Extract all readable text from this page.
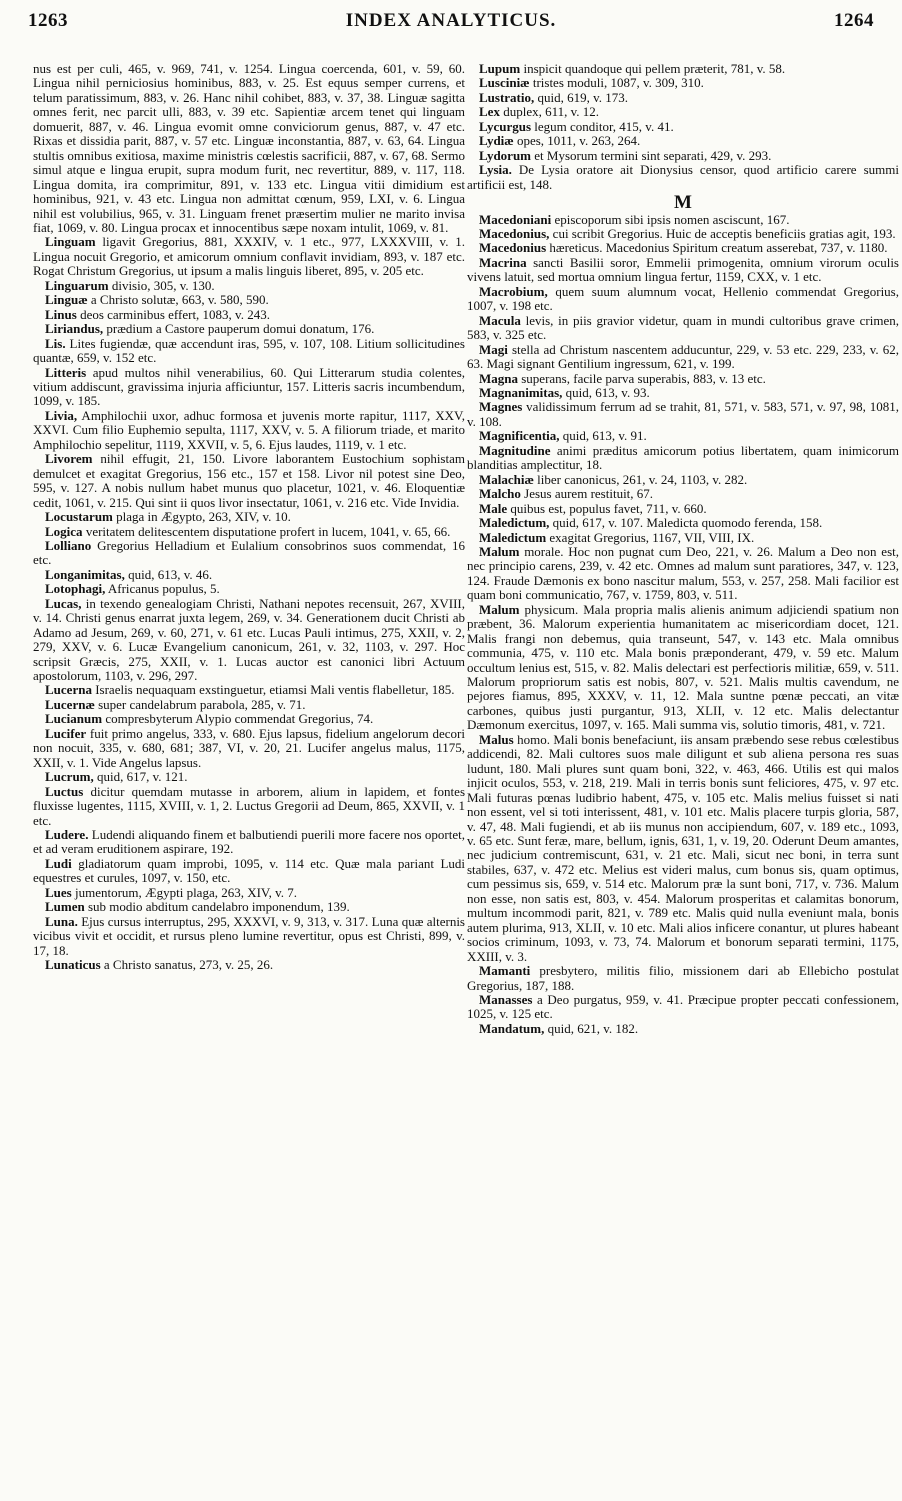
1263	INDEX ANALYTICUS.	1264

nus est per culi, 465, v. 969, 741, v. 1254. Lingua coercenda, 601, v. 59, 60. Lingua nihil perniciosius hominibus, 883, v. 25. Est equus semper currens, et telum paratissimum, 883, v. 26. Hanc nihil cohibet, 883, v. 37, 38. Linguæ sagitta omnes ferit, nec parcit ulli, 883, v. 39 etc. Sapientiæ arcem tenet qui linguam domuerit, 887, v. 46. Lingua evomit omne conviciorum genus, 887, v. 47 etc. Rixas et dissidia parit, 887, v. 57 etc. Linguæ inconstantia, 887, v. 63, 64. Lingua stultis omnibus exitiosa, maxime ministris cœlestis sacrificii, 887, v. 67, 68. Sermo simul atque e lingua erupit, supra modum furit, nec revertitur, 889, v. 117, 118. Lingua domita, ira comprimitur, 891, v. 133 etc. Lingua vitii dimidium est hominibus, 921, v. 43 etc. Lingua non admittat cœnum, 959, LXI, v. 6. Lingua nihil est volubilius, 965, v. 31. Linguam frenet præsertim mulier ne marito invisa fiat, 1069, v. 80. Lingua procax et innocentibus sæpe noxam intulit, 1069, v. 81.

Linguam ligavit Gregorius, 881, XXXIV, v. 1 etc., 977, LXXXVIII, v. 1. Lingua nocuit Gregorio, et amicorum omnium conflavit invidiam, 893, v. 187 etc. Rogat Christum Gregorius, ut ipsum a malis linguis liberet, 895, v. 205 etc.

Linguarum divisio, 305, v. 130.

Linguæ a Christo solutæ, 663, v. 580, 590.

Linus deos carminibus effert, 1083, v. 243.

Liriandus, prædium a Castore pauperum domui donatum, 176.

Lis. Lites fugiendæ, quæ accendunt iras, 595, v. 107, 108. Litium sollicitudines quantæ, 659, v. 152 etc.

Litteris apud multos nihil venerabilius, 60. Qui Litterarum studia colentes, vitium addiscunt, gravissima injuria afficiuntur, 157. Litteris sacris incumbendum, 1099, v. 185.

Livia, Amphilochii uxor, adhuc formosa et juvenis morte rapitur, 1117, XXV, XXVI. Cum filio Euphemio sepulta, 1117, XXV, v. 5. A filiorum triade, et marito Amphilochio sepelitur, 1119, XXVII, v. 5, 6. Ejus laudes, 1119, v. 1 etc.

Livorem nihil effugit, 21, 150. Livore laborantem Eustochium sophistam demulcet et exagitat Gregorius, 156 etc., 157 et 158. Livor nil potest sine Deo, 595, v. 127. A nobis nullum habet munus quo placetur, 1021, v. 46. Eloquentiæ cedit, 1061, v. 215. Qui sint ii quos livor insectatur, 1061, v. 216 etc. Vide Invidia.

Locustarum plaga in Ægypto, 263, XIV, v. 10.

Logica veritatem delitescentem disputatione profert in lucem, 1041, v. 65, 66.

Lolliano Gregorius Helladium et Eulalium consobrinos suos commendat, 16 etc.

Longanimitas, quid, 613, v. 46.

Lotophagi, Africanus populus, 5.

Lucas, in texendo genealogiam Christi, Nathani nepotes recensuit, 267, XVIII, v. 14. Christi genus enarrat juxta legem, 269, v. 34. Generationem ducit Christi ab Adamo ad Jesum, 269, v. 60, 271, v. 61 etc. Lucas Pauli intimus, 275, XXII, v. 2, 279, XXV, v. 6. Lucæ Evangelium canonicum, 261, v. 32, 1103, v. 297. Hoc scripsit Græcis, 275, XXII, v. 1. Lucas auctor est canonici libri Actuum apostolorum, 1103, v. 296, 297.

Lucerna Israelis nequaquam exstinguetur, etiamsi Mali ventis flabelletur, 185.

Lucernæ super candelabrum parabola, 285, v. 71.

Lucianum compresbyterum Alypio commendat Gregorius, 74.

Lucifer fuit primo angelus, 333, v. 680. Ejus lapsus, fidelium angelorum decori non nocuit, 335, v. 680, 681; 387, VI, v. 20, 21. Lucifer angelus malus, 1175, XXII, v. 1. Vide Angelus lapsus.

Lucrum, quid, 617, v. 121.

Luctus dicitur quemdam mutasse in arborem, alium in lapidem, et fontes fluxisse lugentes, 1115, XVIII, v. 1, 2. Luctus Gregorii ad Deum, 865, XXVII, v. 1 etc.

Ludere. Ludendi aliquando finem et balbutiendi puerili more facere nos oportet, et ad veram eruditionem aspirare, 192.

Ludi gladiatorum quam improbi, 1095, v. 114 etc. Quæ mala pariant Ludi equestres et curules, 1097, v. 150, etc.

Lues jumentorum, Ægypti plaga, 263, XIV, v. 7.

Lumen sub modio abditum candelabro imponendum, 139.

Luna. Ejus cursus interruptus, 295, XXXVI, v. 9, 313, v. 317. Luna quæ alternis vicibus vivit et occidit, et rursus pleno lumine revertitur, opus est Christi, 899, v. 17, 18.

Lunaticus a Christo sanatus, 273, v. 25, 26.

Lupum inspicit quandoque qui pellem præterit, 781, v. 58.

Lusciniæ tristes moduli, 1087, v. 309, 310.

Lustratio, quid, 619, v. 173.

Lex duplex, 611, v. 12.

Lycurgus legum conditor, 415, v. 41.

Lydiæ opes, 1011, v. 263, 264.

Lydorum et Mysorum termini sint separati, 429, v. 293.

Lysia. De Lysia oratore ait Dionysius censor, quod artificio carere summi artificii est, 148.

M

Macedoniani episcoporum sibi ipsis nomen asciscunt, 167.

Macedonius, cui scribit Gregorius. Huic de acceptis beneficiis gratias agit, 193.

Macedonius hæreticus. Macedonius Spiritum creatum asserebat, 737, v. 1180.

Macrina sancti Basilii soror, Emmelii primogenita, omnium virorum oculis vivens latuit, sed mortua omnium lingua fertur, 1159, CXX, v. 1 etc.

Macrobium, quem suum alumnum vocat, Hellenio commendat Gregorius, 1007, v. 198 etc.

Macula levis, in piis gravior videtur, quam in mundi cultoribus grave crimen, 583, v. 325 etc.

Magi stella ad Christum nascentem adducuntur, 229, v. 53 etc. 229, 233, v. 62, 63. Magi signant Gentilium ingressum, 621, v. 199.

Magna superans, facile parva superabis, 883, v. 13 etc.

Magnanimitas, quid, 613, v. 93.

Magnes validissimum ferrum ad se trahit, 81, 571, v. 583, 571, v. 97, 98, 1081, v. 108.

Magnificentia, quid, 613, v. 91.

Magnitudine animi præditus amicorum potius libertatem, quam inimicorum blanditias amplectitur, 18.

Malachiæ liber canonicus, 261, v. 24, 1103, v. 282.

Malcho Jesus aurem restituit, 67.

Male quibus est, populus favet, 711, v. 660.

Maledictum, quid, 617, v. 107. Maledicta quomodo ferenda, 158.

Maledictum exagitat Gregorius, 1167, VII, VIII, IX.

Malum morale. Hoc non pugnat cum Deo, 221, v. 26. Malum a Deo non est, nec principio carens, 239, v. 42 etc. Omnes ad malum sunt paratiores, 347, v. 123, 124. Fraude Dæmonis ex bono nascitur malum, 553, v. 257, 258. Mali facilior est quam boni communicatio, 767, v. 1759, 803, v. 511.

Malum physicum. Mala propria malis alienis animum adjiciendi spatium non præbent, 36. Malorum experientia humanitatem ac misericordiam docet, 121. Malis frangi non debemus, quia transeunt, 547, v. 143 etc. Mala omnibus communia, 475, v. 110 etc. Mala bonis præponderant, 479, v. 59 etc. Malum occultum lenius est, 515, v. 82. Malis delectari est perfectioris militiæ, 659, v. 511. Malorum propriorum satis est nobis, 807, v. 521. Malis multis cavendum, ne pejores fiamus, 895, XXXV, v. 11, 12. Mala suntne pœnæ peccati, an vitæ carbones, quibus justi purgantur, 913, XLII, v. 12 etc. Malis delectantur Dæmonum exercitus, 1097, v. 165. Mali summa vis, solutio timoris, 481, v. 721.

Malus homo. Mali bonis benefaciunt, iis ansam præbendo sese rebus cœlestibus addicendi, 82. Mali cultores suos male diligunt et sub aliena persona res suas ludunt, 180. Mali plures sunt quam boni, 322, v. 463, 466. Utilis est qui malos injicit oculos, 553, v. 218, 219. Mali in terris bonis sunt feliciores, 475, v. 97 etc. Mali futuras pœnas ludibrio habent, 475, v. 105 etc. Malis melius fuisset si nati non essent, vel si toti interissent, 481, v. 101 etc. Malis placere turpis gloria, 587, v. 47, 48. Mali fugiendi, et ab iis munus non accipiendum, 607, v. 189 etc., 1093, v. 65 etc. Sunt feræ, mare, bellum, ignis, 631, 1, v. 19, 20. Oderunt Deum amantes, nec judicium contremiscunt, 631, v. 21 etc. Mali, sicut nec boni, in terra sunt stabiles, 637, v. 472 etc. Melius est videri malus, cum bonus sis, quam optimus, cum pessimus sis, 659, v. 514 etc. Malorum præ la sunt boni, 717, v. 736. Malum non esse, non satis est, 803, v. 454. Malorum prosperitas et calamitas bonorum, multum incommodi parit, 821, v. 789 etc. Malis quid nulla eveniunt mala, bonis autem plurima, 913, XLII, v. 10 etc. Mali alios inficere conantur, ut plures habeant socios criminum, 1093, v. 73, 74. Malorum et bonorum separati termini, 1175, XXIII, v. 3.

Mamanti presbytero, militis filio, missionem dari ab Ellebicho postulat Gregorius, 187, 188.

Manasses a Deo purgatus, 959, v. 41. Præcipue propter peccati confessionem, 1025, v. 125 etc.

Mandatum, quid, 621, v. 182.
